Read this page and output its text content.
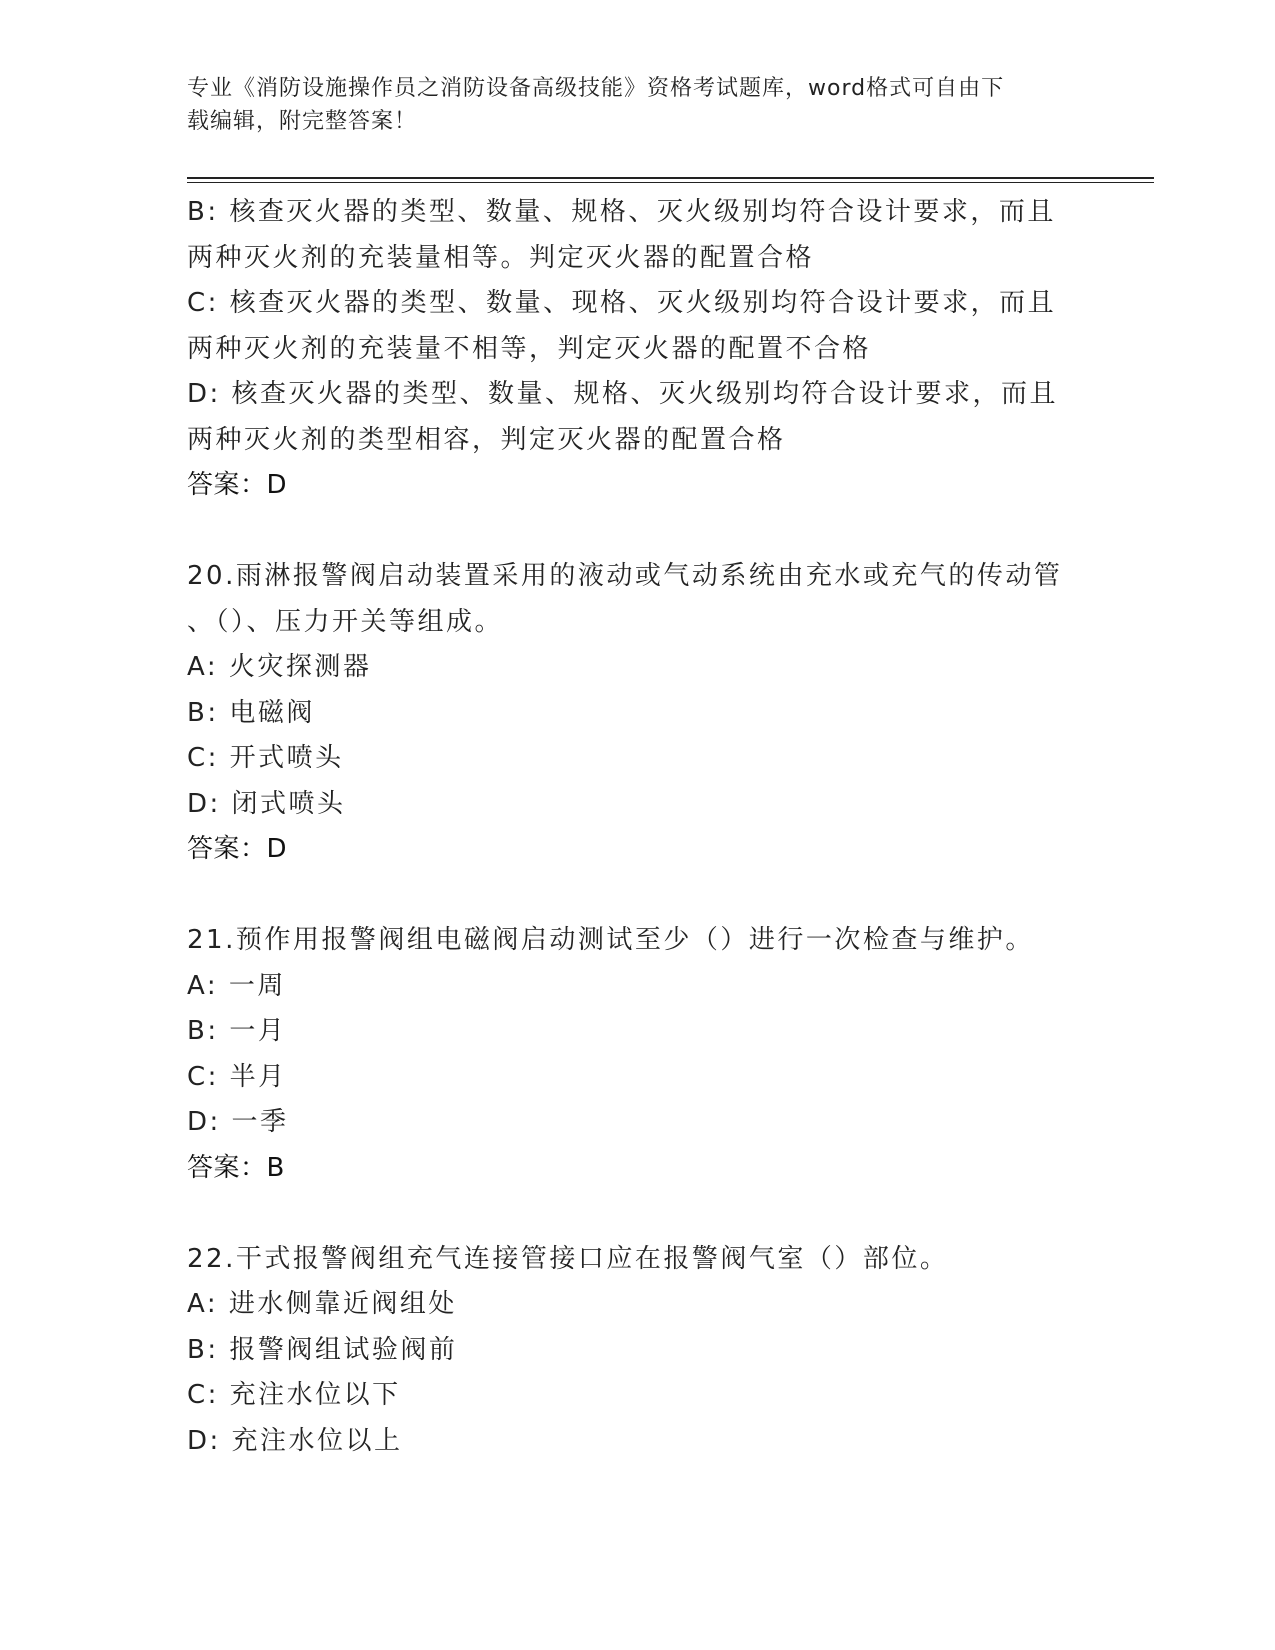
专业《消防设施操作员之消防设备高级技能》资格考试题库，word格式可自由下
载编辑，附完整答案！
B: 核查灭火器的类型、数量、规格、灭火级别均符合设计要求，而且
两种灭火剂的充装量相等。判定灭火器的配置合格
C: 核查灭火器的类型、数量、现格、灭火级别均符合设计要求，而且
两种灭火剂的充装量不相等，判定灭火器的配置不合格
D: 核查灭火器的类型、数量、规格、灭火级别均符合设计要求，而且
两种灭火剂的类型相容，判定灭火器的配置合格
答案：D
20.雨淋报警阀启动装置采用的液动或气动系统由充水或充气的传动管
、（）、压力开关等组成。
A: 火灾探测器
B: 电磁阀
C: 开式喷头
D: 闭式喷头
答案：D
21.预作用报警阀组电磁阀启动测试至少（）进行一次检查与维护。
A: 一周
B: 一月
C: 半月
D: 一季
答案：B
22.干式报警阀组充气连接管接口应在报警阀气室（）部位。
A: 进水侧靠近阀组处
B: 报警阀组试验阀前
C: 充注水位以下
D: 充注水位以上
